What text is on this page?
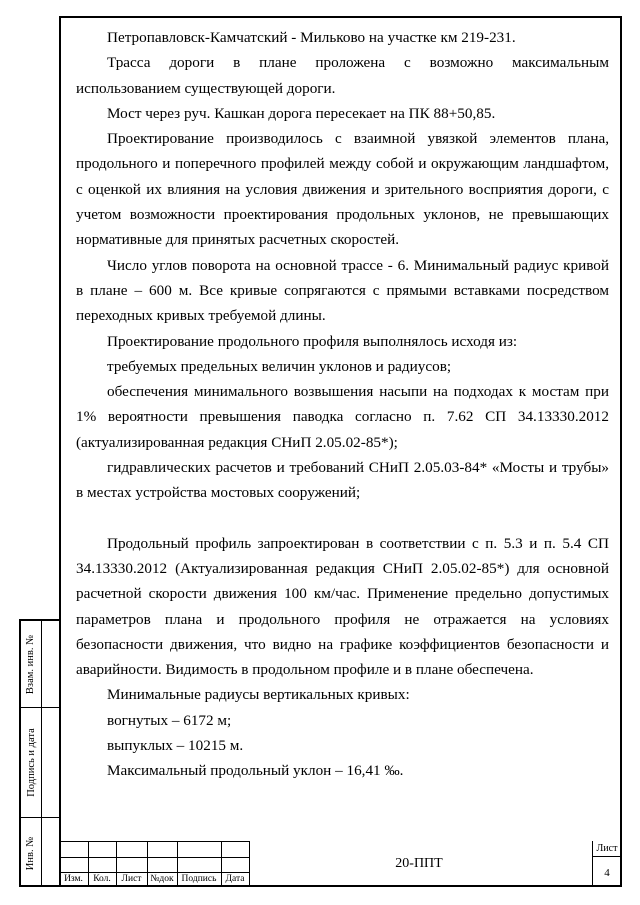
Петропавловск-Камчатский - Мильково на участке км 219-231.

Трасса дороги в плане проложена с возможно максимальным использованием существующей дороги.

Мост через руч. Кашкан дорога пересекает на ПК 88+50,85.

Проектирование производилось с взаимной увязкой элементов плана, продольного и поперечного профилей между собой и окружающим ландшафтом, с оценкой их влияния на условия движения и зрительного восприятия дороги, с учетом возможности проектирования продольных уклонов, не превышающих нормативные для принятых расчетных скоростей.

Число углов поворота на основной трассе - 6. Минимальный радиус кривой в плане – 600 м. Все кривые сопрягаются с прямыми вставками посредством переходных кривых требуемой длины.

Проектирование продольного профиля выполнялось исходя из:

требуемых предельных величин уклонов и радиусов;

обеспечения минимального возвышения насыпи на подходах к мостам при 1% вероятности превышения паводка согласно п. 7.62 СП 34.13330.2012 (актуализированная редакция СНиП 2.05.02-85*);

гидравлических расчетов и требований СНиП 2.05.03-84* «Мосты и трубы» в местах устройства мостовых сооружений;

Продольный профиль запроектирован в соответствии с п. 5.3 и п. 5.4 СП 34.13330.2012 (Актуализированная редакция СНиП 2.05.02-85*) для основной расчетной скорости движения 100 км/час. Применение предельно допустимых параметров плана и продольного профиля не отражается на условиях безопасности движения, что видно на графике коэффициентов безопасности и аварийности. Видимость в продольном профиле и в плане обеспечена.

Минимальные радиусы вертикальных кривых:

вогнутых – 6172 м;

выпуклых – 10215 м.

Максимальный продольный уклон – 16,41 ‰.

Взам. инв. №
Подпись и дата
Инв. №
Изм.	Кол.	Лист №док Подпись Дата
20-ППТ
Лист
4
